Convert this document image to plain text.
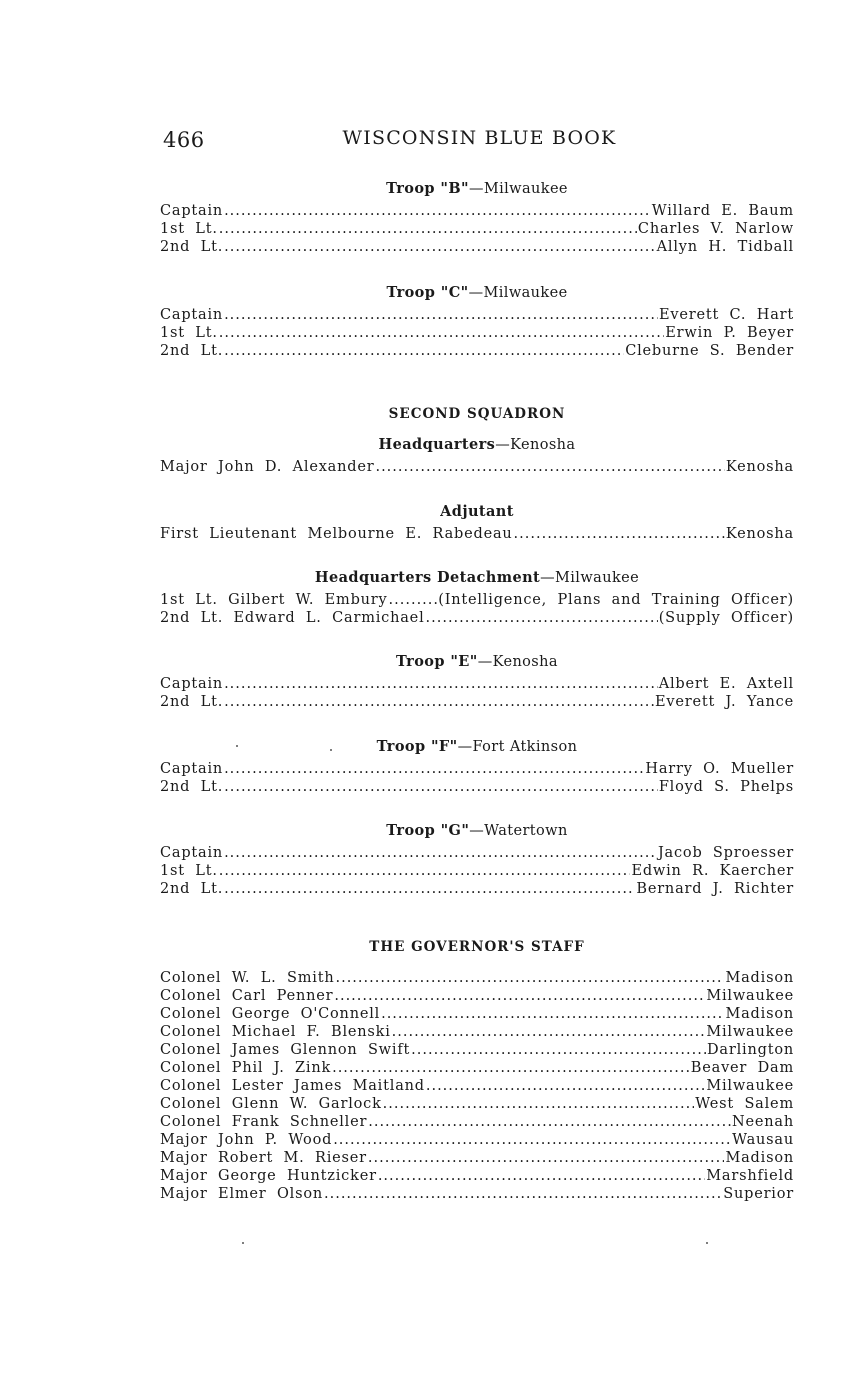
466	WISCONSIN BLUE BOOK
Troop "B"—Milwaukee
Captain .....	Willard E. Baum
1st Lt. .....	Charles V. Narlow
2nd Lt. .....	Allyn H. Tidball
Troop "C"—Milwaukee
Captain .....	Everett C. Hart
1st Lt. .....	Erwin P. Beyer
2nd Lt. .....	Cleburne S. Bender
SECOND SQUADRON
Headquarters—Kenosha
Major John D. Alexander .....	Kenosha
Adjutant
First Lieutenant Melbourne E. Rabedeau .....	Kenosha
Headquarters Detachment—Milwaukee
1st Lt. Gilbert W. Embury .....	(Intelligence, Plans and Training Officer)
2nd Lt. Edward L. Carmichael .....	(Supply Officer)
Troop "E"—Kenosha
Captain .....	Albert E. Axtell
2nd Lt. .....	Everett J. Yance
Troop "F"—Fort Atkinson
Captain .....	Harry O. Mueller
2nd Lt. .....	Floyd S. Phelps
Troop "G"—Watertown
Captain .....	Jacob Sproesser
1st Lt. .....	Edwin R. Kaercher
2nd Lt. .....	Bernard J. Richter
THE GOVERNOR'S STAFF
Colonel W. L. Smith .....	Madison
Colonel Carl Penner .....	Milwaukee
Colonel George O'Connell .....	Madison
Colonel Michael F. Blenski .....	Milwaukee
Colonel James Glennon Swift .....	Darlington
Colonel Phil J. Zink .....	Beaver Dam
Colonel Lester James Maitland .....	Milwaukee
Colonel Glenn W. Garlock .....	West Salem
Colonel Frank Schneller .....	Neenah
Major John P. Wood .....	Wausau
Major Robert M. Rieser .....	Madison
Major George Huntzicker .....	Marshfield
Major Elmer Olson .....	Superior
